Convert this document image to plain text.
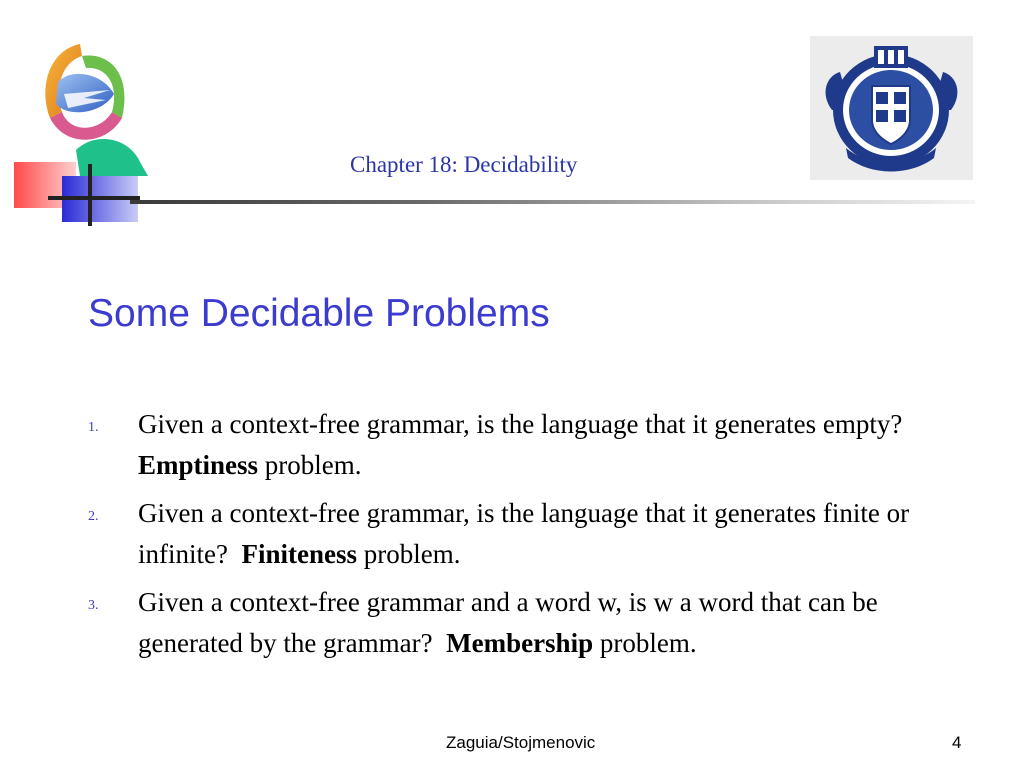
Chapter 18: Decidability
Some Decidable Problems
1. Given a context-free grammar, is the language that it generates empty?  Emptiness problem.
2. Given a context-free grammar, is the language that it generates finite or infinite? Finiteness problem.
3. Given a context-free grammar and a word w, is w a word that can be generated by the grammar? Membership problem.
Zaguia/Stojmenovic	4
